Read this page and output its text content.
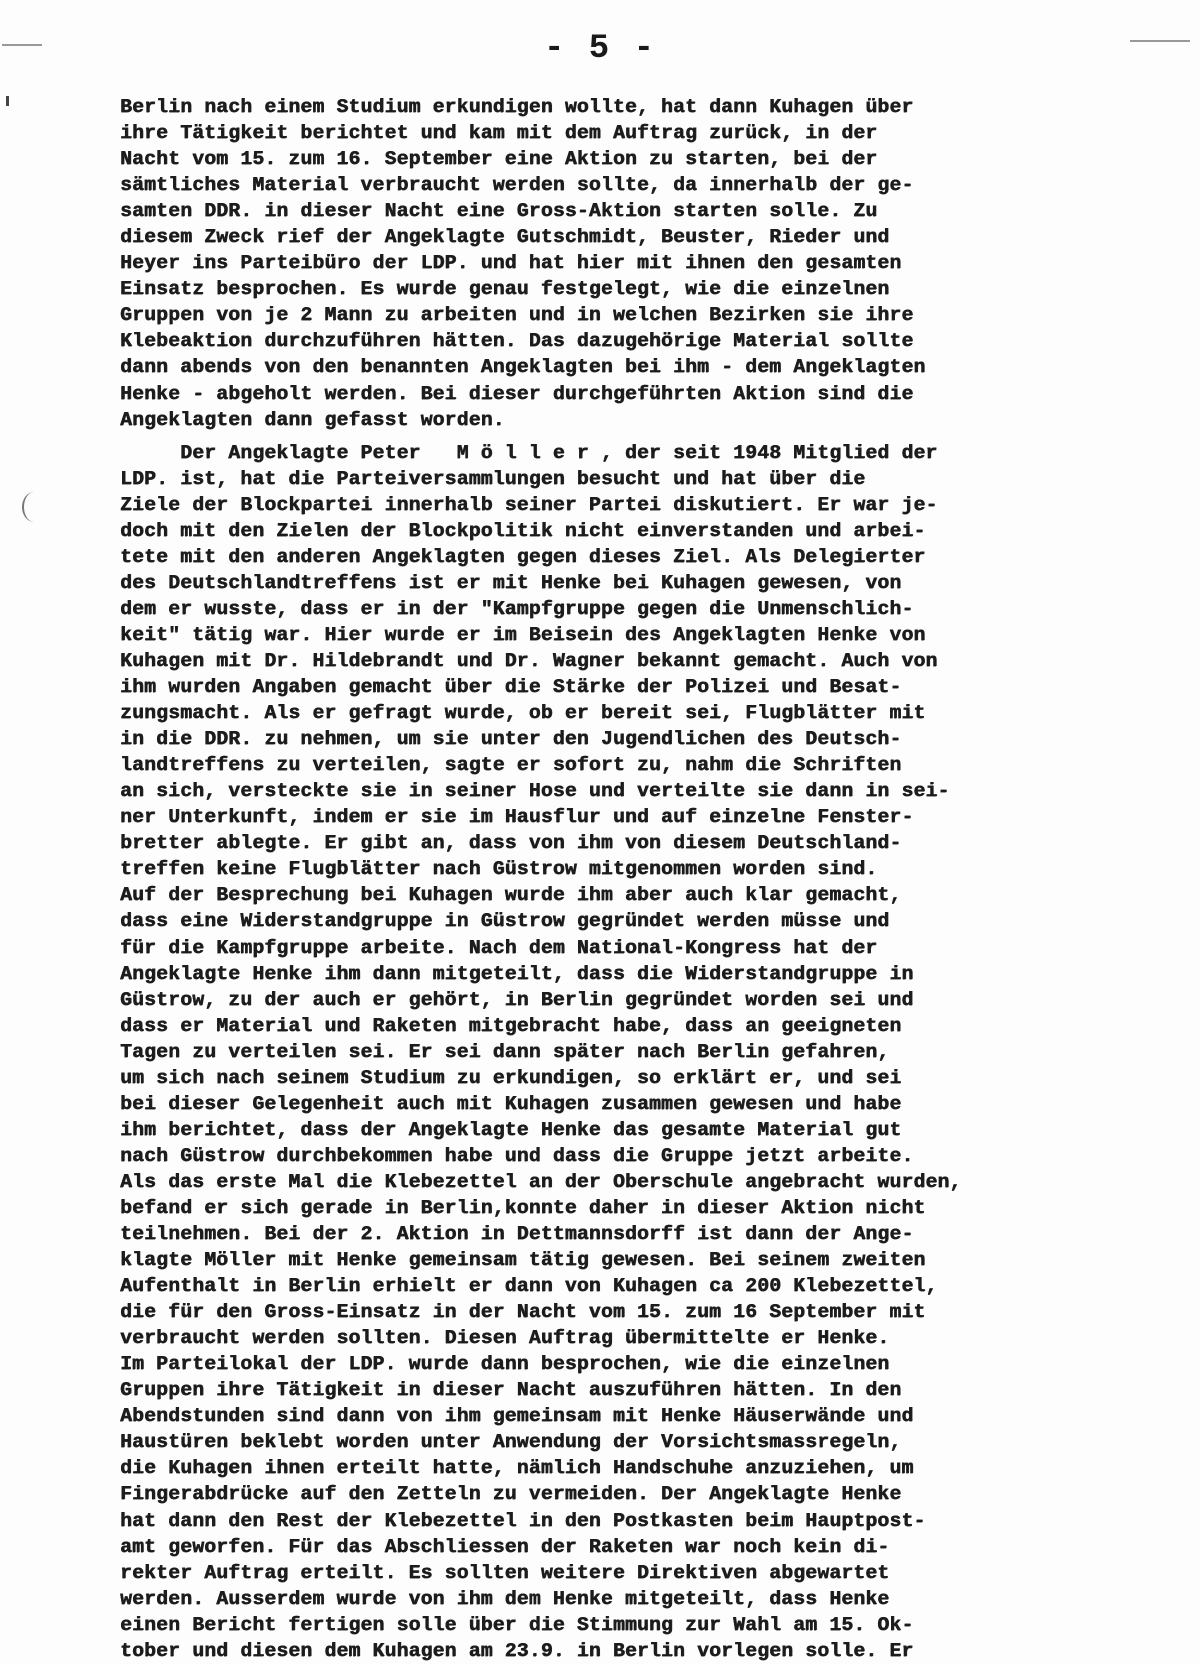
- 5 -
Berlin nach einem Studium erkundigen wollte, hat dann Kuhagen über
ihre Tätigkeit berichtet und kam mit dem Auftrag zurück, in der
Nacht vom 15. zum 16. September eine Aktion zu starten, bei der
sämtliches Material verbraucht werden sollte, da innerhalb der ge-
samten DDR. in dieser Nacht eine Gross-Aktion starten solle. Zu
diesem Zweck rief der Angeklagte Gutschmidt, Beuster, Rieder und
Heyer ins Parteibüro der LDP. und hat hier mit ihnen den gesamten
Einsatz besprochen. Es wurde genau festgelegt, wie die einzelnen
Gruppen von je 2 Mann zu arbeiten und in welchen Bezirken sie ihre
Klebeaktion durchzuführen hätten. Das dazugehörige Material sollte
dann abends von den benannten Angeklagten bei ihm - dem Angeklagten
Henke - abgeholt werden. Bei dieser durchgeführten Aktion sind die
Angeklagten dann gefasst worden.
Der Angeklagte Peter   M ö l l e r , der seit 1948 Mitglied der
LDP. ist, hat die Parteiversammlungen besucht und hat über die
Ziele der Blockpartei innerhalb seiner Partei diskutiert. Er war je-
doch mit den Zielen der Blockpolitik nicht einverstanden und arbei-
tete mit den anderen Angeklagten gegen dieses Ziel. Als Delegierter
des Deutschlandtreffens ist er mit Henke bei Kuhagen gewesen, von
dem er wusste, dass er in der "Kampfgruppe gegen die Unmenschlich-
keit" tätig war. Hier wurde er im Beisein des Angeklagten Henke von
Kuhagen mit Dr. Hildebrandt und Dr. Wagner bekannt gemacht. Auch von
ihm wurden Angaben gemacht über die Stärke der Polizei und Besat-
zungsmacht. Als er gefragt wurde, ob er bereit sei, Flugblätter mit
in die DDR. zu nehmen, um sie unter den Jugendlichen des Deutsch-
landtreffens zu verteilen, sagte er sofort zu, nahm die Schriften
an sich, versteckte sie in seiner Hose und verteilte sie dann in sei-
ner Unterkunft, indem er sie im Hausflur und auf einzelne Fenster-
bretter ablegte. Er gibt an, dass von ihm von diesem Deutschland-
treffen keine Flugblätter nach Güstrow mitgenommen worden sind.
Auf der Besprechung bei Kuhagen wurde ihm aber auch klar gemacht,
dass eine Widerstandgruppe in Güstrow gegründet werden müsse und
für die Kampfgruppe arbeite. Nach dem National-Kongress hat der
Angeklagte Henke ihm dann mitgeteilt, dass die Widerstandgruppe in
Güstrow, zu der auch er gehört, in Berlin gegründet worden sei und
dass er Material und Raketen mitgebracht habe, dass an geeigneten
Tagen zu verteilen sei. Er sei dann später nach Berlin gefahren,
um sich nach seinem Studium zu erkundigen, so erklärt er, und sei
bei dieser Gelegenheit auch mit Kuhagen zusammen gewesen und habe
ihm berichtet, dass der Angeklagte Henke das gesamte Material gut
nach Güstrow durchbekommen habe und dass die Gruppe jetzt arbeite.
Als das erste Mal die Klebezettel an der Oberschule angebracht wurden,
befand er sich gerade in Berlin,konnte daher in dieser Aktion nicht
teilnehmen. Bei der 2. Aktion in Dettmannsdorff ist dann der Ange-
klagte Möller mit Henke gemeinsam tätig gewesen. Bei seinem zweiten
Aufenthalt in Berlin erhielt er dann von Kuhagen ca 200 Klebezettel,
die für den Gross-Einsatz in der Nacht vom 15. zum 16 September mit
verbraucht werden sollten. Diesen Auftrag übermittelte er Henke.
Im Parteilokal der LDP. wurde dann besprochen, wie die einzelnen
Gruppen ihre Tätigkeit in dieser Nacht auszuführen hätten. In den
Abendstunden sind dann von ihm gemeinsam mit Henke Häuserwände und
Haustüren beklebt worden unter Anwendung der Vorsichtsmassregeln,
die Kuhagen ihnen erteilt hatte, nämlich Handschuhe anzuziehen, um
Fingerabdrücke auf den Zetteln zu vermeiden. Der Angeklagte Henke
hat dann den Rest der Klebezettel in den Postkasten beim Hauptpost-
amt geworfen. Für das Abschliessen der Raketen war noch kein di-
rekter Auftrag erteilt. Es sollten weitere Direktiven abgewartet
werden. Ausserdem wurde von ihm dem Henke mitgeteilt, dass Henke
einen Bericht fertigen solle über die Stimmung zur Wahl am 15. Ok-
tober und diesen dem Kuhagen am 23.9. in Berlin vorlegen solle. Er
